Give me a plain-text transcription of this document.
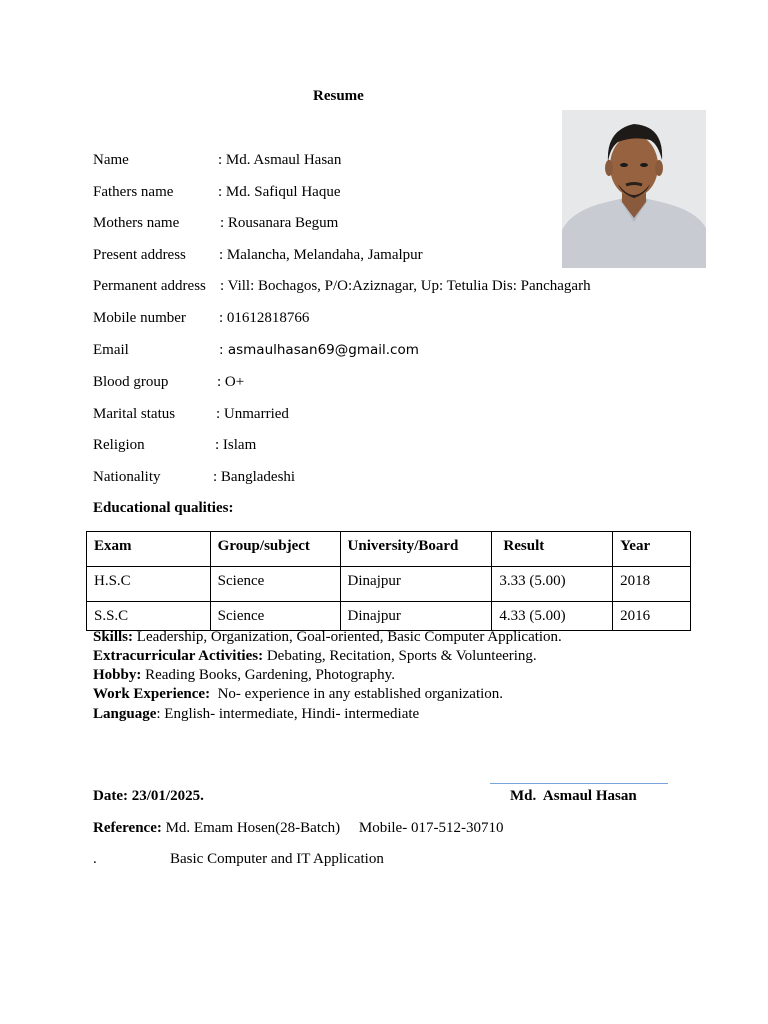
Resume
Name	: Md. Asmaul Hasan
Fathers name	: Md. Safiqul Haque
Mothers name	: Rousanara Begum
Present address : Malancha, Melandaha, Jamalpur
Permanent address : Vill: Bochagos, P/O:Aziznagar, Up: Tetulia Dis: Panchagarh
Mobile number : 01612818766
Email	: asmaulhasan69@gmail.com
Blood group	: O+
Marital status	: Unmarried
Religion	: Islam
Nationality	: Bangladeshi
Educational qualities:
Exam	Group/subject	University/Board	Result	Year
H.S.C	Science	Dinajpur	3.33 (5.00)	2018
S.S.C	Science	Dinajpur	4.33 (5.00)	2016
Skills: Leadership, Organization, Goal-oriented, Basic Computer Application.
Extracurricular Activities: Debating, Recitation, Sports & Volunteering.
Hobby: Reading Books, Gardening, Photography.
Work Experience:  No- experience in any established organization.
Language: English- intermediate, Hindi- intermediate
Date: 23/01/2025.	Md.  Asmaul Hasan
Reference: Md. Emam Hosen(28-Batch)     Mobile- 017-512-30710
.	Basic Computer and IT Application
